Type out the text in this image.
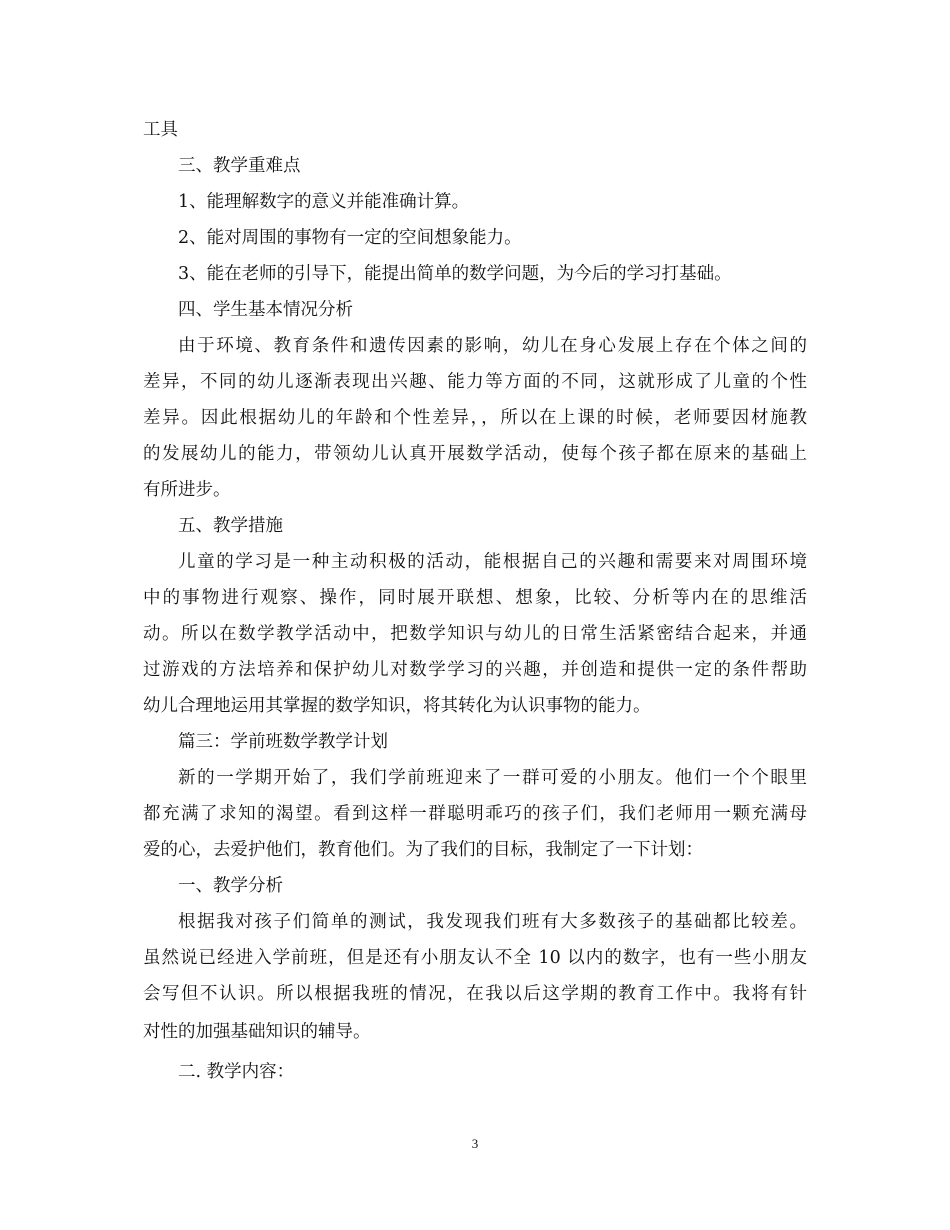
工具
三、教学重难点
1、能理解数字的意义并能准确计算。
2、能对周围的事物有一定的空间想象能力。
3、能在老师的引导下，能提出简单的数学问题，为今后的学习打基础。
四、学生基本情况分析
由于环境、教育条件和遗传因素的影响，幼儿在身心发展上存在个体之间的
差异，不同的幼儿逐渐表现出兴趣、能力等方面的不同，这就形成了儿童的个性
差异。因此根据幼儿的年龄和个性差异，，所以在上课的时候，老师要因材施教
的发展幼儿的能力，带领幼儿认真开展数学活动，使每个孩子都在原来的基础上
有所进步。
五、教学措施
儿童的学习是一种主动积极的活动，能根据自己的兴趣和需要来对周围环境
中的事物进行观察、操作，同时展开联想、想象，比较、分析等内在的思维活
动。所以在数学教学活动中，把数学知识与幼儿的日常生活紧密结合起来，并通
过游戏的方法培养和保护幼儿对数学学习的兴趣，并创造和提供一定的条件帮助
幼儿合理地运用其掌握的数学知识，将其转化为认识事物的能力。
篇三：学前班数学教学计划
新的一学期开始了，我们学前班迎来了一群可爱的小朋友。他们一个个眼里
都充满了求知的渴望。看到这样一群聪明乖巧的孩子们，我们老师用一颗充满母
爱的心，去爱护他们，教育他们。为了我们的目标，我制定了一下计划：
一、教学分析
根据我对孩子们简单的测试，我发现我们班有大多数孩子的基础都比较差。
虽然说已经进入学前班，但是还有小朋友认不全 10 以内的数字，也有一些小朋友
会写但不认识。所以根据我班的情况，在我以后这学期的教育工作中。我将有针
对性的加强基础知识的辅导。
二. 教学内容：
3
